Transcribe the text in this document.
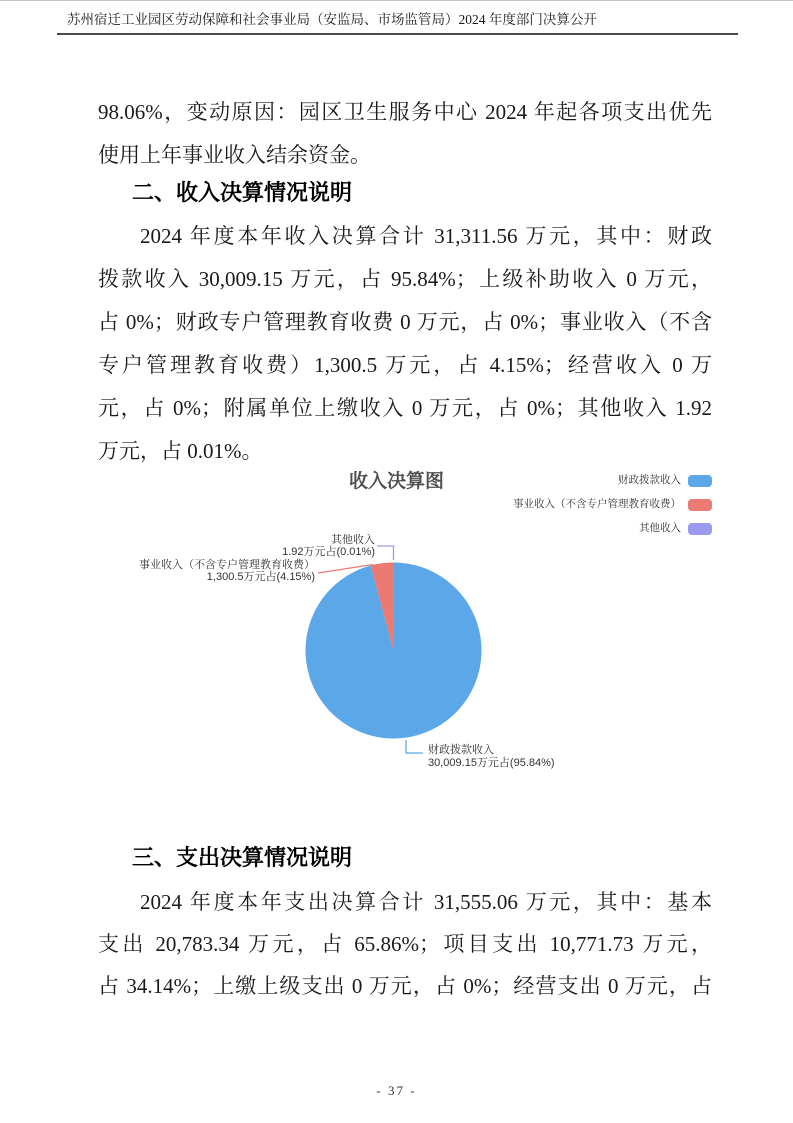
苏州宿迁工业园区劳动保障和社会事业局（安监局、市场监管局）2024 年度部门决算公开

98.06%，变动原因：园区卫生服务中心 2024 年起各项支出优先
使用上年事业收入结余资金。

二、收入决算情况说明

2024 年度本年收入决算合计 31,311.56 万元，其中：财政
拨款收入 30,009.15 万元，占 95.84%；上级补助收入 0 万元，
占 0%；财政专户管理教育收费 0 万元，占 0%；事业收入（不含
专户管理教育收费）1,300.5 万元，占 4.15%；经营收入 0 万
元，占 0%；附属单位上缴收入 0 万元，占 0%；其他收入 1.92
万元，占 0.01%。

收入决算图	财政拨款收入
事业收入（不含专户管理教育收费）
其他收入
其他收入
1.92万元占(0.01%)
事业收入（不含专户管理教育收费）
1,300.5万元占(4.15%)
财政拨款收入
30,009.15万元占(95.84%)
三、支出决算情况说明

2024 年度本年支出决算合计 31,555.06 万元，其中：基本
支出 20,783.34 万元，占 65.86%；项目支出 10,771.73 万元，
占 34.14%；上缴上级支出 0 万元，占 0%；经营支出 0 万元，占

- 37 -
